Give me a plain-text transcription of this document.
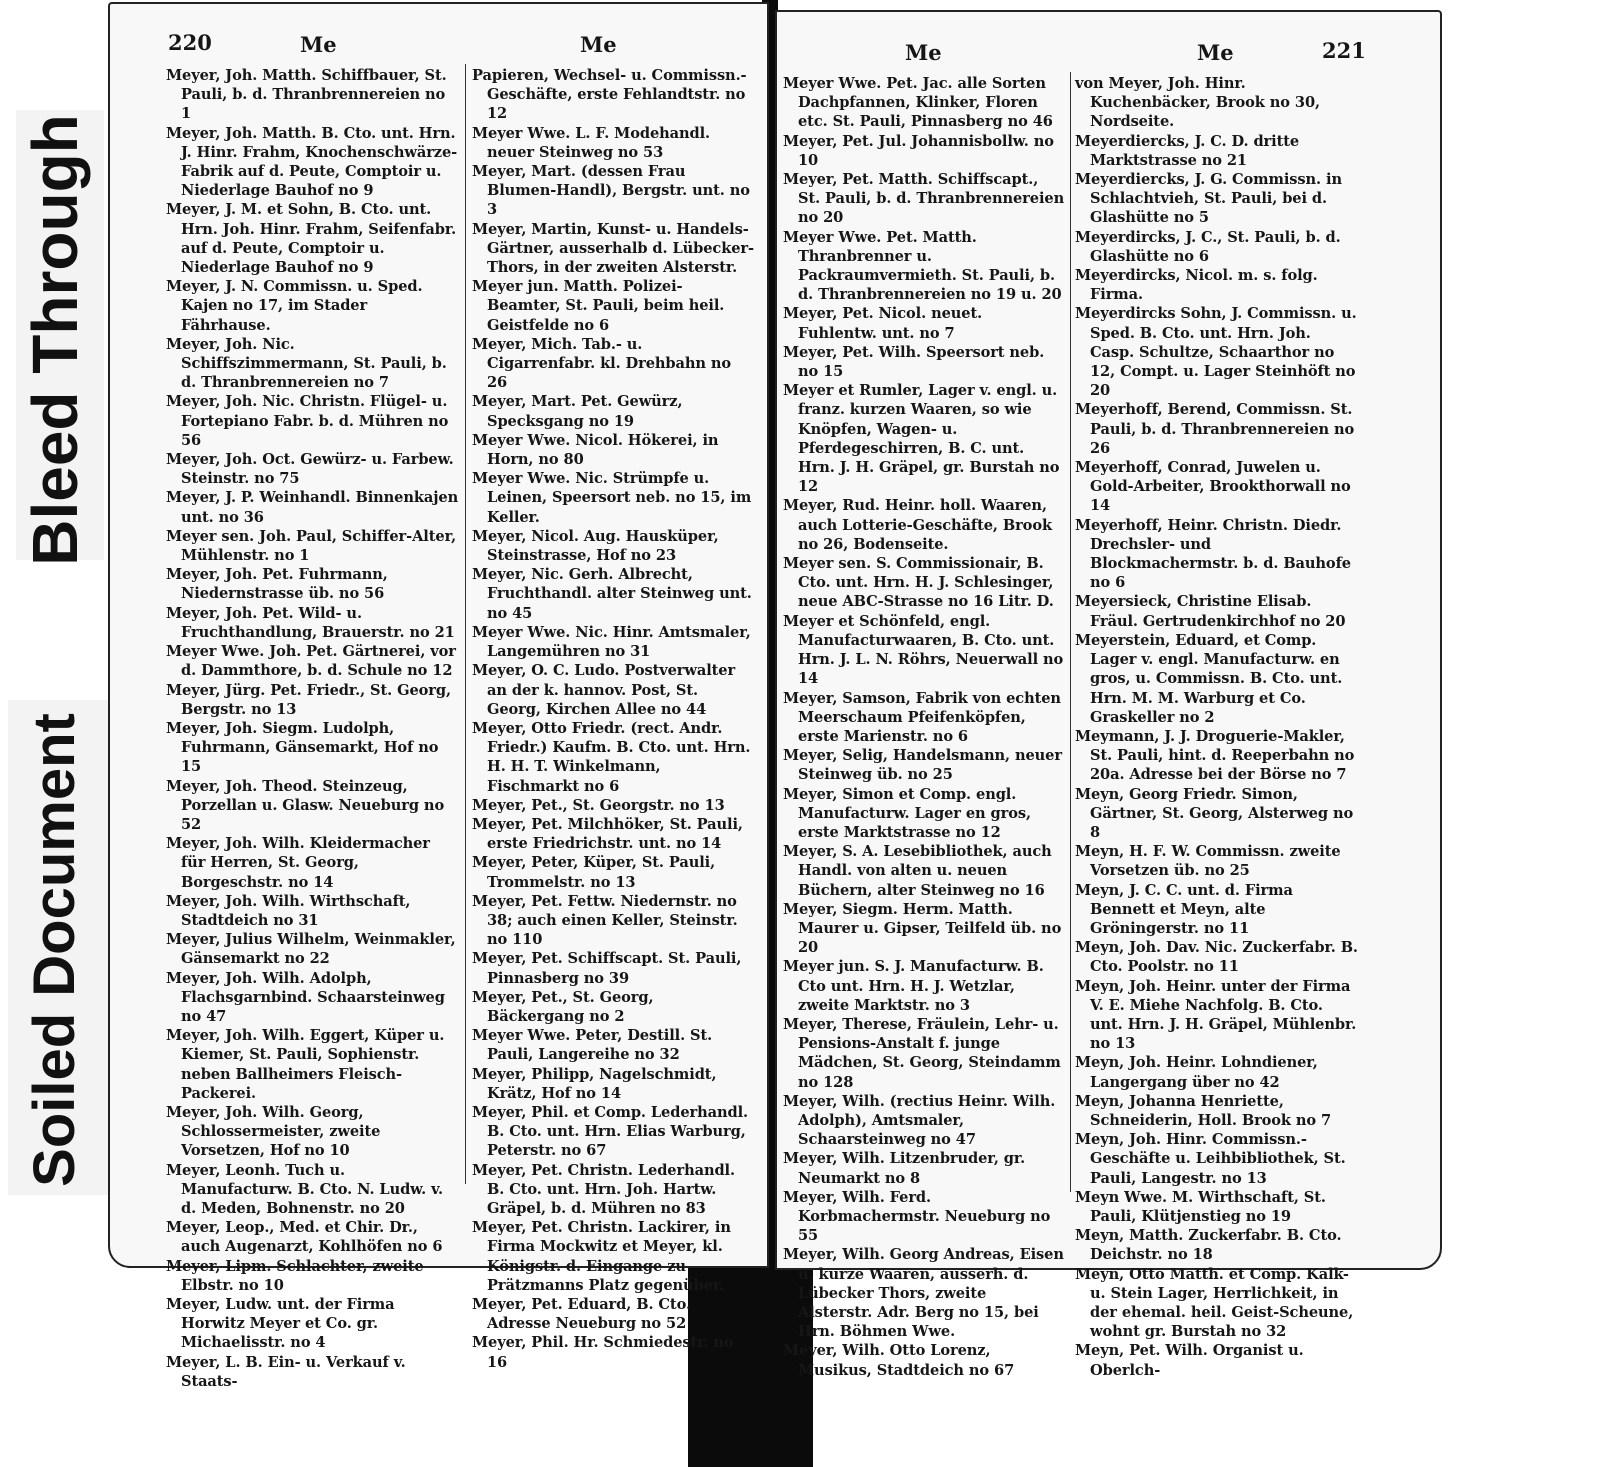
Bleed Through
Soiled Document
220	Me	Me
Meyer, Joh. Matth. Schiffbauer, St. Pauli, b. d. Thranbrennereien no 1
Meyer, Joh. Matth. B. Cto. unt. Hrn. J. Hinr. Frahm, Knochenschwärze-Fabrik auf d. Peute, Comptoir u. Niederlage Bauhof no 9
Meyer, J. M. et Sohn, B. Cto. unt. Hrn. Joh. Hinr. Frahm, Seifenfabr. auf d. Peute, Comptoir u. Niederlage Bauhof no 9
Meyer, J. N. Commissn. u. Sped. Kajen no 17, im Stader Fährhause.
Meyer, Joh. Nic. Schiffszimmermann, St. Pauli, b. d. Thranbrennereien no 7
Meyer, Joh. Nic. Christn. Flügel- u. Fortepiano Fabr. b. d. Mühren no 56
Meyer, Joh. Oct. Gewürz- u. Farbew. Steinstr. no 75
Meyer, J. P. Weinhandl. Binnenkajen unt. no 36
Meyer sen. Joh. Paul, Schiffer-Alter, Mühlenstr. no 1
Meyer, Joh. Pet. Fuhrmann, Niedernstrasse üb. no 56
Meyer, Joh. Pet. Wild- u. Fruchthandlung, Brauerstr. no 21
Meyer Wwe. Joh. Pet. Gärtnerei, vor d. Dammthore, b. d. Schule no 12
Meyer, Jürg. Pet. Friedr., St. Georg, Bergstr. no 13
Meyer, Joh. Siegm. Ludolph, Fuhrmann, Gänsemarkt, Hof no 15
Meyer, Joh. Theod. Steinzeug, Porzellan u. Glasw. Neueburg no 52
Meyer, Joh. Wilh. Kleidermacher für Herren, St. Georg, Borgeschstr. no 14
Meyer, Joh. Wilh. Wirthschaft, Stadtdeich no 31
Meyer, Julius Wilhelm, Weinmakler, Gänsemarkt no 22
Meyer, Joh. Wilh. Adolph, Flachsgarnbind. Schaarsteinweg no 47
Meyer, Joh. Wilh. Eggert, Küper u. Kiemer, St. Pauli, Sophienstr. neben Ballheimers Fleisch-Packerei.
Meyer, Joh. Wilh. Georg, Schlossermeister, zweite Vorsetzen, Hof no 10
Meyer, Leonh. Tuch u. Manufacturw. B. Cto. N. Ludw. v. d. Meden, Bohnenstr. no 20
Meyer, Leop., Med. et Chir. Dr., auch Augenarzt, Kohlhöfen no 6
Meyer, Lipm. Schlachter, zweite Elbstr. no 10
Meyer, Ludw. unt. der Firma Horwitz Meyer et Co. gr. Michaelisstr. no 4
Meyer, L. B. Ein- u. Verkauf v. Staats-
Papieren, Wechsel- u. Commissn.-Geschäfte, erste Fehlandtstr. no 12
Meyer Wwe. L. F. Modehandl. neuer Steinweg no 53
Meyer, Mart. (dessen Frau Blumen-Handl), Bergstr. unt. no 3
Meyer, Martin, Kunst- u. Handels-Gärtner, ausserhalb d. Lübecker-Thors, in der zweiten Alsterstr.
Meyer jun. Matth. Polizei-Beamter, St. Pauli, beim heil. Geistfelde no 6
Meyer, Mich. Tab.- u. Cigarrenfabr. kl. Drehbahn no 26
Meyer, Mart. Pet. Gewürz, Specksgang no 19
Meyer Wwe. Nicol. Hökerei, in Horn, no 80
Meyer Wwe. Nic. Strümpfe u. Leinen, Speersort neb. no 15, im Keller.
Meyer, Nicol. Aug. Hausküper, Steinstrasse, Hof no 23
Meyer, Nic. Gerh. Albrecht, Fruchthandl. alter Steinweg unt. no 45
Meyer Wwe. Nic. Hinr. Amtsmaler, Langemühren no 31
Meyer, O. C. Ludo. Postverwalter an der k. hannov. Post, St. Georg, Kirchen Allee no 44
Meyer, Otto Friedr. (rect. Andr. Friedr.) Kaufm. B. Cto. unt. Hrn. H. H. T. Winkelmann, Fischmarkt no 6
Meyer, Pet., St. Georgstr. no 13
Meyer, Pet. Milchhöker, St. Pauli, erste Friedrichstr. unt. no 14
Meyer, Peter, Küper, St. Pauli, Trommelstr. no 13
Meyer, Pet. Fettw. Niedernstr. no 38; auch einen Keller, Steinstr. no 110
Meyer, Pet. Schiffscapt. St. Pauli, Pinnasberg no 39
Meyer, Pet., St. Georg, Bäckergang no 2
Meyer Wwe. Peter, Destill. St. Pauli, Langereihe no 32
Meyer, Philipp, Nagelschmidt, Krätz, Hof no 14
Meyer, Phil. et Comp. Lederhandl. B. Cto. unt. Hrn. Elias Warburg, Peterstr. no 67
Meyer, Pet. Christn. Lederhandl. B. Cto. unt. Hrn. Joh. Hartw. Gräpel, b. d. Mühren no 83
Meyer, Pet. Christn. Lackirer, in Firma Mockwitz et Meyer, kl. Königstr. d. Eingange zu Prätzmanns Platz gegenüber.
Meyer, Pet. Eduard, B. Cto. Adresse Neueburg no 52
Meyer, Phil. Hr. Schmiedestr. no 16
Me	Me	221
Meyer Wwe. Pet. Jac. alle Sorten Dachpfannen, Klinker, Floren etc. St. Pauli, Pinnasberg no 46
Meyer, Pet. Jul. Johannisbollw. no 10
Meyer, Pet. Matth. Schiffscapt., St. Pauli, b. d. Thranbrennereien no 20
Meyer Wwe. Pet. Matth. Thranbrenner u. Packraumvermieth. St. Pauli, b. d. Thranbrennereien no 19 u. 20
Meyer, Pet. Nicol. neuet. Fuhlentw. unt. no 7
Meyer, Pet. Wilh. Speersort neb. no 15
Meyer et Rumler, Lager v. engl. u. franz. kurzen Waaren, so wie Knöpfen, Wagen- u. Pferdegeschirren, B. C. unt. Hrn. J. H. Gräpel, gr. Burstah no 12
Meyer, Rud. Heinr. holl. Waaren, auch Lotterie-Geschäfte, Brook no 26, Bodenseite.
Meyer sen. S. Commissionair, B. Cto. unt. Hrn. H. J. Schlesinger, neue ABC-Strasse no 16 Litr. D.
Meyer et Schönfeld, engl. Manufacturwaaren, B. Cto. unt. Hrn. J. L. N. Röhrs, Neuerwall no 14
Meyer, Samson, Fabrik von echten Meerschaum Pfeifenköpfen, erste Marienstr. no 6
Meyer, Selig, Handelsmann, neuer Steinweg üb. no 25
Meyer, Simon et Comp. engl. Manufacturw. Lager en gros, erste Marktstrasse no 12
Meyer, S. A. Lesebibliothek, auch Handl. von alten u. neuen Büchern, alter Steinweg no 16
Meyer, Siegm. Herm. Matth. Maurer u. Gipser, Teilfeld üb. no 20
Meyer jun. S. J. Manufacturw. B. Cto unt. Hrn. H. J. Wetzlar, zweite Marktstr. no 3
Meyer, Therese, Fräulein, Lehr- u. Pensions-Anstalt f. junge Mädchen, St. Georg, Steindamm no 128
Meyer, Wilh. (rectius Heinr. Wilh. Adolph), Amtsmaler, Schaarsteinweg no 47
Meyer, Wilh. Litzenbruder, gr. Neumarkt no 8
Meyer, Wilh. Ferd. Korbmachermstr. Neueburg no 55
Meyer, Wilh. Georg Andreas, Eisen u. kurze Waaren, ausserh. d. Lübecker Thors, zweite Alsterstr. Adr. Berg no 15, bei Hrn. Böhmen Wwe.
Meyer, Wilh. Otto Lorenz, Musikus, Stadtdeich no 67
von Meyer, Joh. Hinr. Kuchenbäcker, Brook no 30, Nordseite.
Meyerdiercks, J. C. D. dritte Marktstrasse no 21
Meyerdiercks, J. G. Commissn. in Schlachtvieh, St. Pauli, bei d. Glashütte no 5
Meyerdircks, J. C., St. Pauli, b. d. Glashütte no 6
Meyerdircks, Nicol. m. s. folg. Firma.
Meyerdircks Sohn, J. Commissn. u. Sped. B. Cto. unt. Hrn. Joh. Casp. Schultze, Schaarthor no 12, Compt. u. Lager Steinhöft no 20
Meyerhoff, Berend, Commissn. St. Pauli, b. d. Thranbrennereien no 26
Meyerhoff, Conrad, Juwelen u. Gold-Arbeiter, Brookthorwall no 14
Meyerhoff, Heinr. Christn. Diedr. Drechsler- und Blockmachermstr. b. d. Bauhofe no 6
Meyersieck, Christine Elisab. Fräul. Gertrudenkirchhof no 20
Meyerstein, Eduard, et Comp. Lager v. engl. Manufacturw. en gros, u. Commissn. B. Cto. unt. Hrn. M. M. Warburg et Co. Graskeller no 2
Meymann, J. J. Droguerie-Makler, St. Pauli, hint. d. Reeperbahn no 20a. Adresse bei der Börse no 7
Meyn, Georg Friedr. Simon, Gärtner, St. Georg, Alsterweg no 8
Meyn, H. F. W. Commissn. zweite Vorsetzen üb. no 25
Meyn, J. C. C. unt. d. Firma Bennett et Meyn, alte Gröningerstr. no 11
Meyn, Joh. Dav. Nic. Zuckerfabr. B. Cto. Poolstr. no 11
Meyn, Joh. Heinr. unter der Firma V. E. Miehe Nachfolg. B. Cto. unt. Hrn. J. H. Gräpel, Mühlenbr. no 13
Meyn, Joh. Heinr. Lohndiener, Langergang über no 42
Meyn, Johanna Henriette, Schneiderin, Holl. Brook no 7
Meyn, Joh. Hinr. Commissn.-Geschäfte u. Leihbibliothek, St. Pauli, Langestr. no 13
Meyn Wwe. M. Wirthschaft, St. Pauli, Klütjenstieg no 19
Meyn, Matth. Zuckerfabr. B. Cto. Deichstr. no 18
Meyn, Otto Matth. et Comp. Kalk- u. Stein Lager, Herrlichkeit, in der ehemal. heil. Geist-Scheune, wohnt gr. Burstah no 32
Meyn, Pet. Wilh. Organist u. Oberlch-
